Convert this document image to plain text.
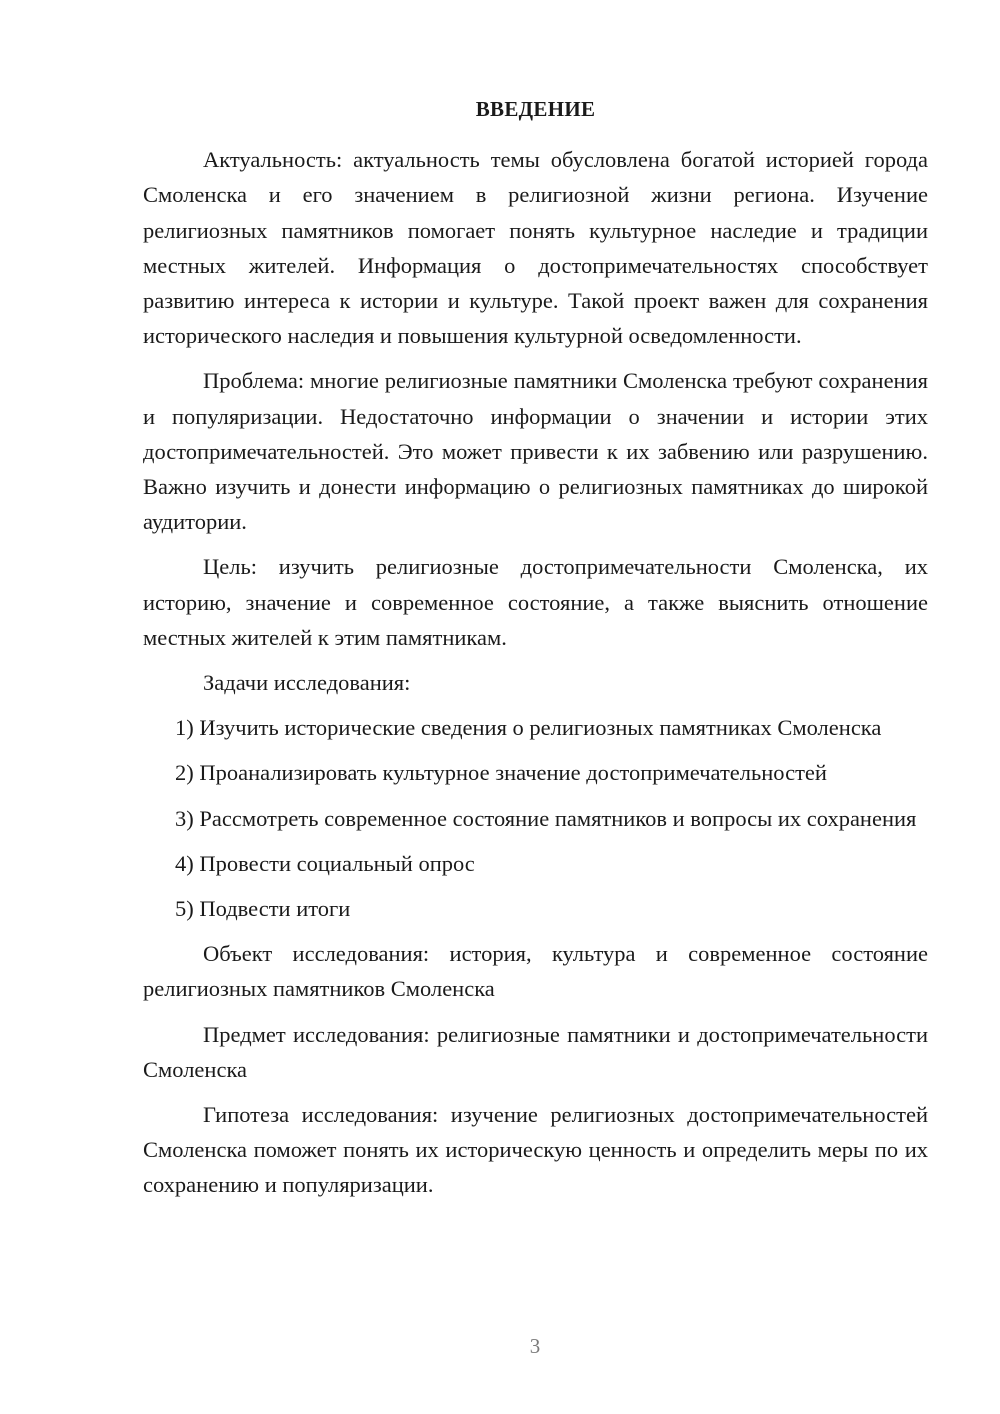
ВВЕДЕНИЕ

Актуальность: актуальность темы обусловлена богатой историей города Смоленска и его значением в религиозной жизни региона. Изучение религиозных памятников помогает понять культурное наследие и традиции местных жителей. Информация о достопримечательностях способствует развитию интереса к истории и культуре. Такой проект важен для сохранения исторического наследия и повышения культурной осведомленности.

Проблема: многие религиозные памятники Смоленска требуют сохранения и популяризации. Недостаточно информации о значении и истории этих достопримечательностей. Это может привести к их забвению или разрушению. Важно изучить и донести информацию о религиозных памятниках до широкой аудитории.

Цель: изучить религиозные достопримечательности Смоленска, их историю, значение и современное состояние, а также выяснить отношение местных жителей к этим памятникам.

Задачи исследования:

1) Изучить исторические сведения о религиозных памятниках Смоленска

2) Проанализировать культурное значение достопримечательностей

3) Рассмотреть современное состояние памятников и вопросы их сохранения

4) Провести социальный опрос

5) Подвести итоги

Объект исследования: история, культура и современное состояние религиозных памятников Смоленска

Предмет исследования: религиозные памятники и достопримечательности Смоленска

Гипотеза исследования: изучение религиозных достопримечательностей Смоленска поможет понять их историческую ценность и определить меры по их сохранению и популяризации.

3
